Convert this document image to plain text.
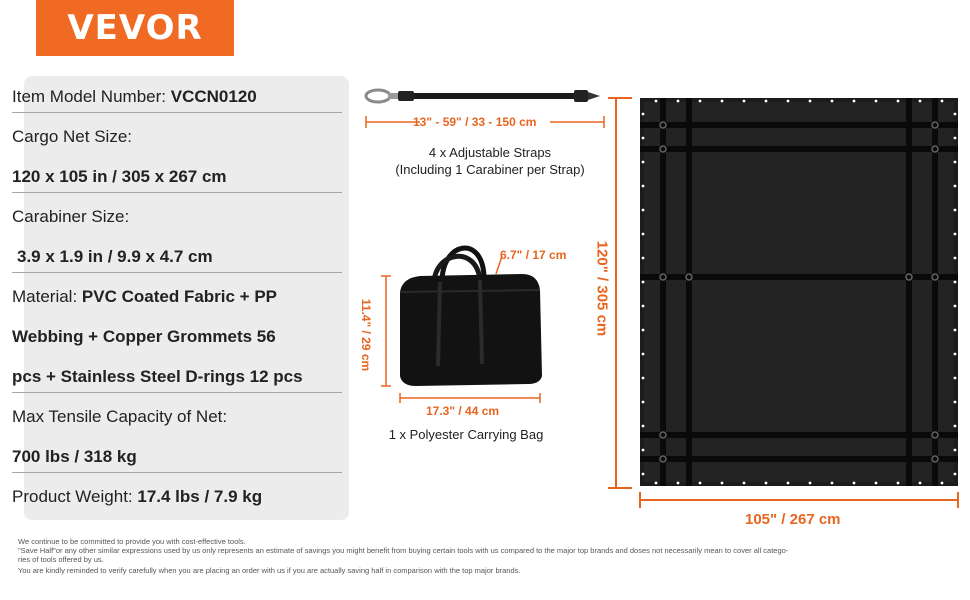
VEVOR
Item Model Number: VCCN0120
Cargo Net Size:
120 x 105 in / 305 x 267 cm
Carabiner Size:
3.9 x 1.9 in / 9.9 x 4.7 cm
Material: PVC Coated Fabric + PP
Webbing + Copper Grommets 56
pcs + Stainless Steel D-rings 12 pcs
Max Tensile Capacity of Net:
700 lbs / 318 kg
Product Weight: 17.4 lbs / 7.9 kg
13" - 59" / 33 - 150 cm
4 x Adjustable Straps
(Including 1 Carabiner per Strap)
6.7" / 17 cm
11.4" / 29 cm
17.3" / 44 cm
1 x Polyester Carrying Bag
120" / 305 cm
105" / 267 cm
We continue to be committed to provide you with cost-effective tools.
"Save Half"or any other similar expressions used by us only represents an estimate of savings you might benefit from buying certain tools with us compared to the major top brands and doses not necessarily mean to cover all catego-
ries of tools offered by us.
You are kindly reminded to verify carefully when you are placing an order with us if you are actually saving half in comparison with the top major brands.
